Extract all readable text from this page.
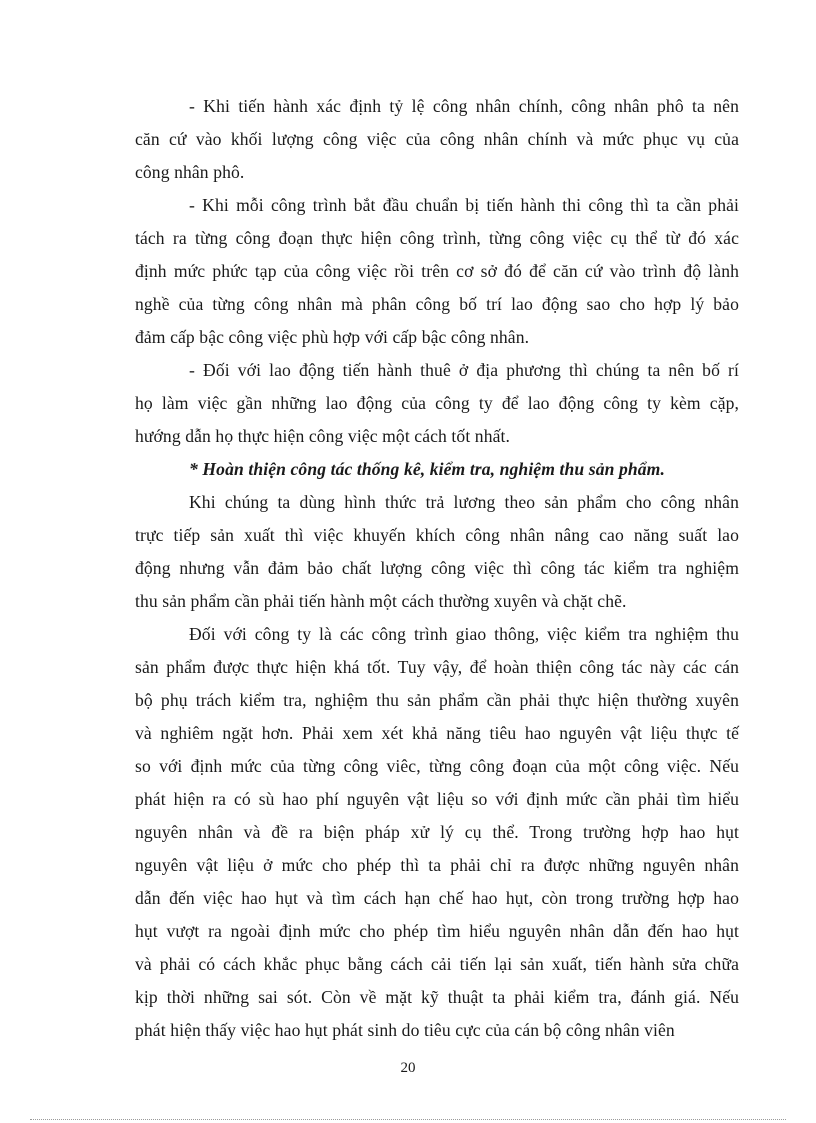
- Khi tiến hành xác định tỷ lệ công nhân chính, công nhân phô ta nên
căn cứ vào khối lượng công việc của công nhân chính và mức phục vụ của
công nhân phô.
- Khi mỗi công trình bắt đầu chuẩn bị tiến hành thi công thì ta cần phải
tách ra từng công đoạn thực hiện công trình, từng công việc cụ thể từ đó xác
định mức phức tạp của công việc rồi trên cơ sở đó để căn cứ vào trình độ lành
nghề của từng công nhân mà phân công bố trí lao động sao cho hợp lý bảo
đảm cấp bậc công việc phù hợp với cấp bậc công nhân.
- Đối với lao động tiến hành thuê ở địa phương thì chúng ta nên bố rí
họ làm việc gần những lao động của công ty để lao động công ty kèm cặp,
hướng dẫn họ thực hiện công việc một cách tốt nhất.
* Hoàn thiện công tác thống kê, kiểm tra, nghiệm thu sản phẩm.
Khi chúng ta dùng hình thức trả lương theo sản phẩm cho công nhân
trực tiếp sản xuất thì việc khuyến khích công nhân nâng cao năng suất lao
động nhưng vẫn đảm bảo chất lượng công việc thì công tác kiểm tra nghiệm
thu sản phẩm cần phải tiến hành một cách thường xuyên và chặt chẽ.
Đối với công ty là các công trình giao thông, việc kiểm tra nghiệm thu
sản phẩm được thực hiện khá tốt. Tuy vậy, để hoàn thiện công tác này các cán
bộ phụ trách kiểm tra, nghiệm thu sản phẩm cần phải thực hiện thường xuyên
và nghiêm ngặt hơn. Phải xem xét khả năng tiêu hao nguyên vật liệu thực tế
so với định mức của từng công viêc, từng công đoạn của một công việc. Nếu
phát hiện ra có sù hao phí nguyên vật liệu so với định mức cần phải tìm hiểu
nguyên nhân và đề ra biện pháp xử lý cụ thể. Trong trường hợp hao hụt
nguyên vật liệu ở mức cho phép thì ta phải chỉ ra được những nguyên nhân
dẫn đến việc hao hụt và tìm cách hạn chế hao hụt, còn trong trường hợp hao
hụt vượt ra ngoài định mức cho phép tìm hiểu nguyên nhân dẫn đến hao hụt
và phải có cách khắc phục bằng cách cải tiến lại sản xuất, tiến hành sửa chữa
kịp thời những sai sót. Còn về mặt kỹ thuật ta phải kiểm tra, đánh giá. Nếu
phát hiện thấy việc hao hụt phát sinh do tiêu cực của cán bộ công nhân viên
20
